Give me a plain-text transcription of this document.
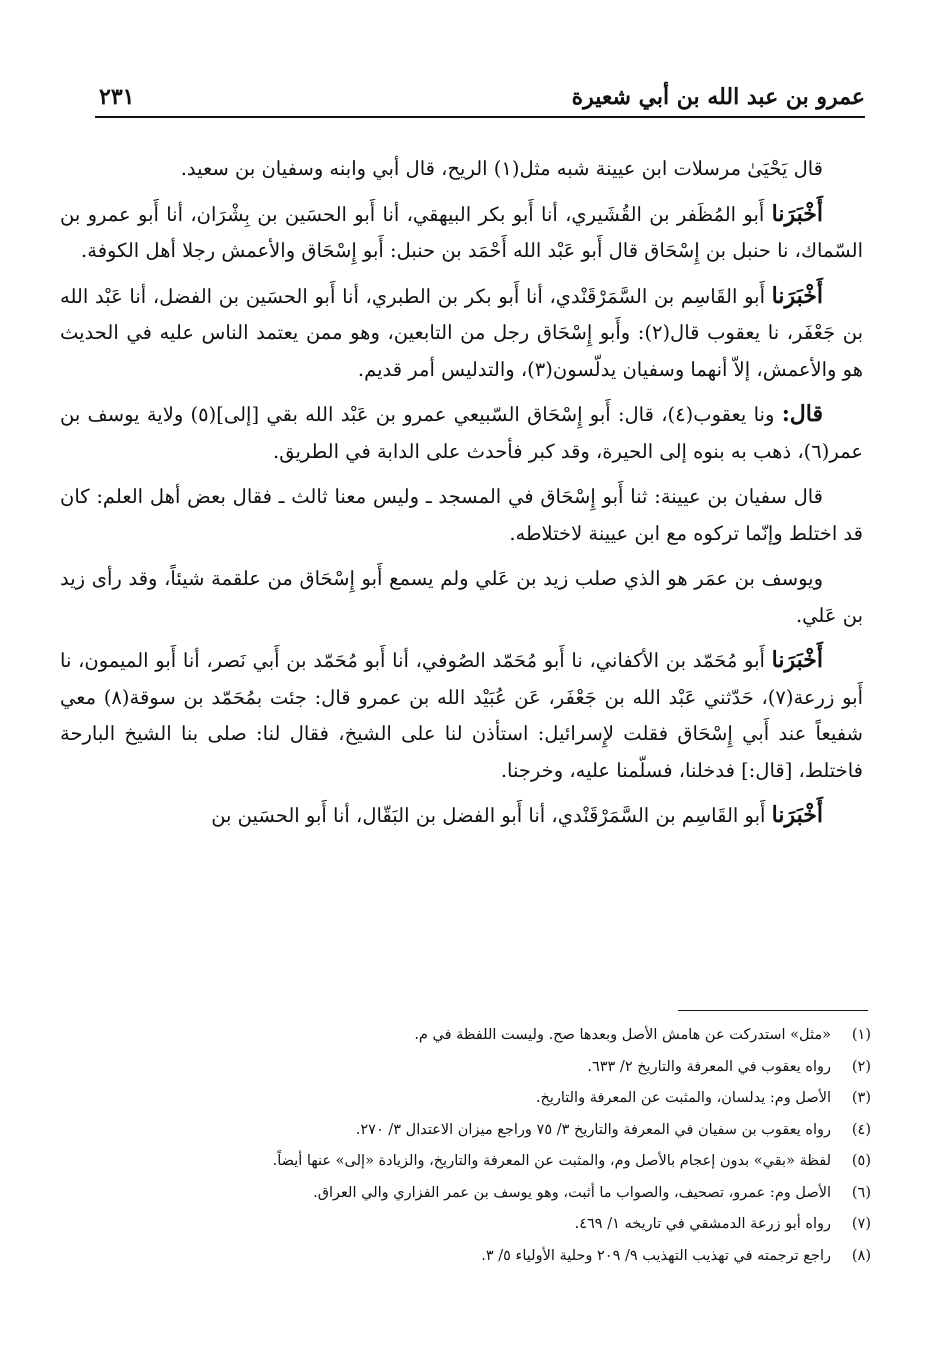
عمرو بن عبد الله بن أبي شعيرة
٢٣١

قال يَحْيَىٰ مرسلات ابن عيينة شبه مثل(١) الريح، قال أبي وابنه وسفيان بن سعيد.

أَخْبَرَنا أَبو المُظَفر بن القُشَيري، أنا أَبو بكر البيهقي، أنا أَبو الحسَين بن بِشْرَان، أنا أَبو عمرو بن السّماك، نا حنبل بن إِسْحَاق قال أَبو عَبْد الله أَحْمَد بن حنبل: أَبو إِسْحَاق والأعمش رجلا أهل الكوفة.

أَخْبَرَنا أَبو القَاسِم بن السَّمَرْقَنْدي، أنا أَبو بكر بن الطبري، أنا أَبو الحسَين بن الفضل، أنا عَبْد الله بن جَعْفَر، نا يعقوب قال(٢): وأَبو إِسْحَاق رجل من التابعين، وهو ممن يعتمد الناس عليه في الحديث هو والأعمش، إلاّ أنهما وسفيان يدلّسون(٣)، والتدليس أمر قديم.

قال: ونا يعقوب(٤)، قال: أَبو إِسْحَاق السّبيعي عمرو بن عَبْد الله بقي [إلى](٥) ولاية يوسف بن عمر(٦)، ذهب به بنوه إلى الحيرة، وقد كبر فأحدث على الدابة في الطريق.

قال سفيان بن عيينة: ثنا أَبو إِسْحَاق في المسجد ـ وليس معنا ثالث ـ فقال بعض أهل العلم: كان قد اختلط وإنّما تركوه مع ابن عيينة لاختلاطه.

ويوسف بن عمَر هو الذي صلب زيد بن عَلي ولم يسمع أَبو إِسْحَاق من علقمة شيئاً، وقد رأى زيد بن عَلي.

أَخْبَرَنا أَبو مُحَمّد بن الأكفاني، نا أَبو مُحَمّد الصُوفي، أنا أَبو مُحَمّد بن أَبي نَصر، أنا أَبو الميمون، نا أَبو زرعة(٧)، حَدّثني عَبْد الله بن جَعْفَر، عَن عُبَيْد الله بن عمرو قال: جئت بمُحَمّد بن سوقة(٨) معي شفيعاً عند أَبي إِسْحَاق فقلت لإِسرائيل: استأذن لنا على الشيخ، فقال لنا: صلى بنا الشيخ البارحة فاختلط، [قال:] فدخلنا، فسلّمنا عليه، وخرجنا.

أَخْبَرَنا أَبو القَاسِم بن السَّمَرْقَنْدي، أنا أَبو الفضل بن البَقّال، أنا أَبو الحسَين بن

(١)«مثل» استدركت عن هامش الأصل وبعدها صح. وليست اللفظة في م.
(٢)رواه يعقوب في المعرفة والتاريخ ٢/ ٦٣٣.
(٣)الأصل وم: يدلسان، والمثبت عن المعرفة والتاريخ.
(٤)رواه يعقوب بن سفيان في المعرفة والتاريخ ٣/ ٧٥ وراجع ميزان الاعتدال ٣/ ٢٧٠.
(٥)لفظة «بقي» بدون إعجام بالأصل وم، والمثبت عن المعرفة والتاريخ، والزيادة «إلى» عنها أيضاً.
(٦)الأصل وم: عمرو، تصحيف، والصواب ما أثبت، وهو يوسف بن عمر الفزاري والي العراق.
(٧)رواه أبو زرعة الدمشقي في تاريخه ١/ ٤٦٩.
(٨)راجع ترجمته في تهذيب التهذيب ٩/ ٢٠٩ وحلية الأولياء ٥/ ٣.
